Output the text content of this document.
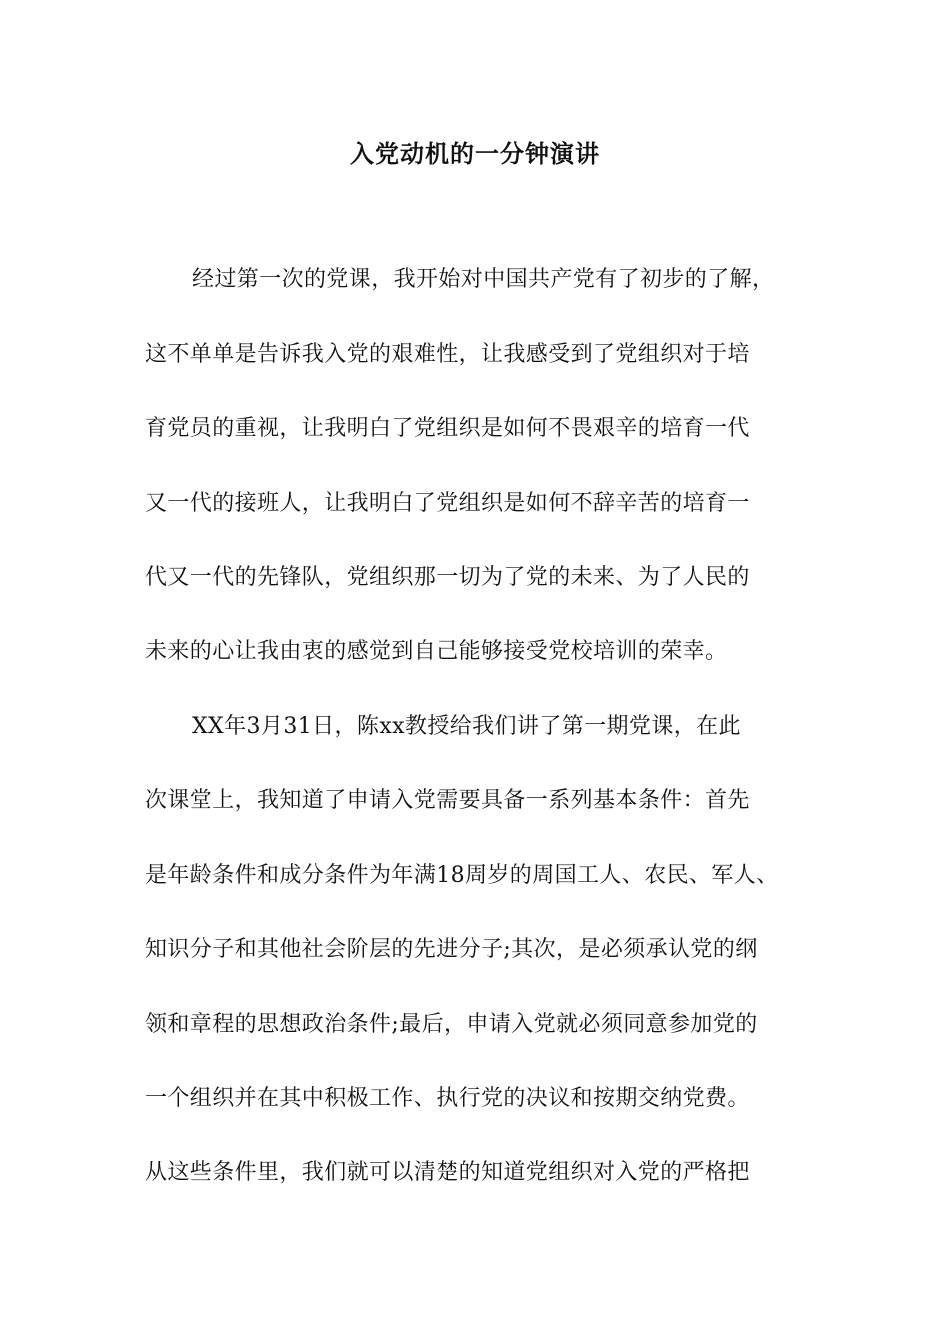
入党动机的一分钟演讲
经过第一次的党课，我开始对中国共产党有了初步的了解，
这不单单是告诉我入党的艰难性，让我感受到了党组织对于培
育党员的重视，让我明白了党组织是如何不畏艰辛的培育一代
又一代的接班人，让我明白了党组织是如何不辞辛苦的培育一
代又一代的先锋队，党组织那一切为了党的未来、为了人民的
未来的心让我由衷的感觉到自己能够接受党校培训的荣幸。
XX年3月31日，陈xx教授给我们讲了第一期党课，在此
次课堂上，我知道了申请入党需要具备一系列基本条件：首先
是年龄条件和成分条件为年满18周岁的周国工人、农民、军人、
知识分子和其他社会阶层的先进分子;其次，是必须承认党的纲
领和章程的思想政治条件;最后，申请入党就必须同意参加党的
一个组织并在其中积极工作、执行党的决议和按期交纳党费。
从这些条件里，我们就可以清楚的知道党组织对入党的严格把
